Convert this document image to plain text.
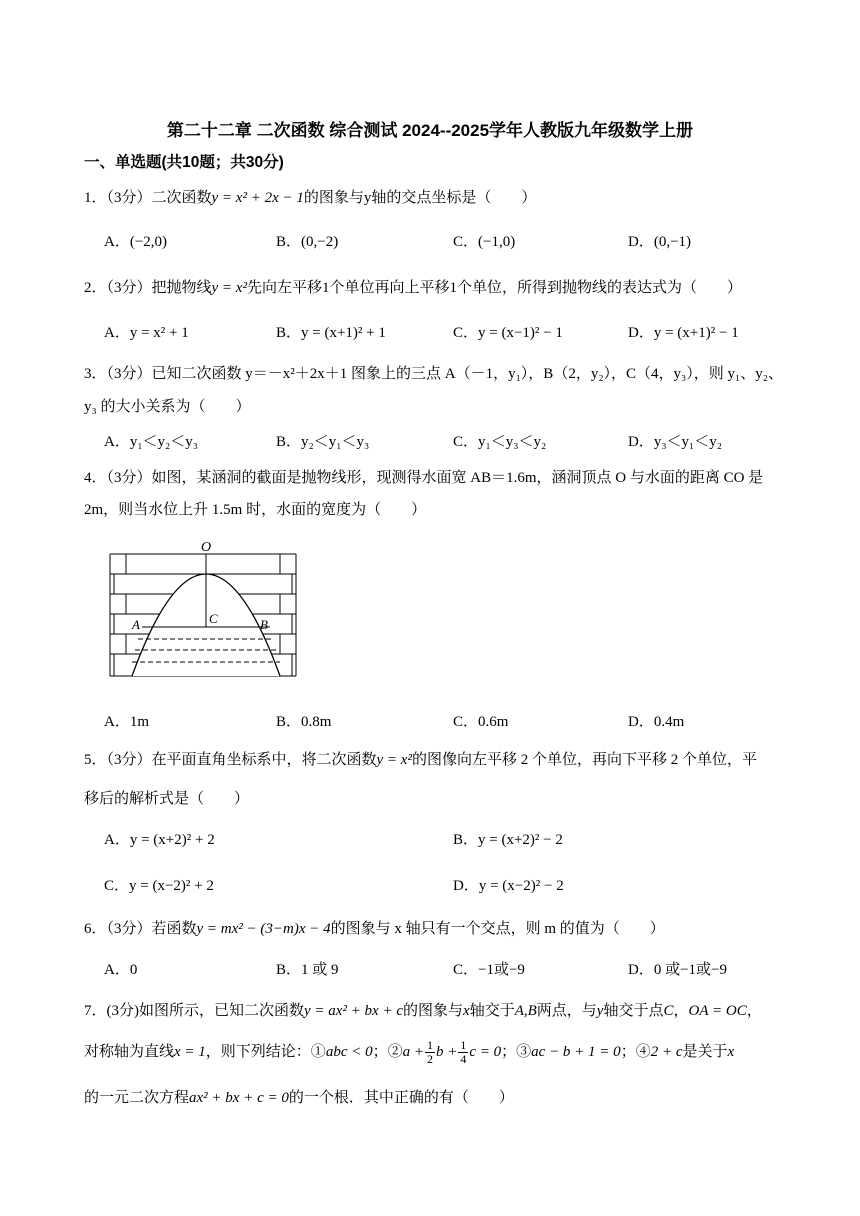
第二十二章 二次函数 综合测试 2024--2025学年人教版九年级数学上册
一、单选题(共10题；共30分)
1．（3分）二次函数y = x² + 2x − 1的图象与y轴的交点坐标是（　　）
A．(−2,0)	B．(0,−2)	C．(−1,0)	D．(0,−1)
2．（3分）把抛物线y = x²先向左平移1个单位再向上平移1个单位，所得到抛物线的表达式为（　　）
A．y = x² + 1	B．y = (x+1)² + 1	C．y = (x−1)² − 1	D．y = (x+1)² − 1
3．（3分）已知二次函数 y＝－x²＋2x＋1 图象上的三点 A（－1，y₁），B（2，y₂），C（4，y₃），则 y₁、y₂、
y₃ 的大小关系为（　　）
A．y₁＜y₂＜y₃	B．y₂＜y₁＜y₃	C．y₁＜y₃＜y₂	D．y₃＜y₁＜y₂
4．（3分）如图，某涵洞的截面是抛物线形，现测得水面宽 AB＝1.6m，涵洞顶点 O 与水面的距离 CO 是
2m，则当水位上升 1.5m 时，水面的宽度为（　　）
O
C
A	B
A．1m	B．0.8m	C．0.6m	D．0.4m
5．（3分）在平面直角坐标系中，将二次函数y = x²的图像向左平移 2 个单位，再向下平移 2 个单位，平
移后的解析式是（　　）
A．y = (x+2)² + 2	B．y = (x+2)² − 2
C．y = (x−2)² + 2	D．y = (x−2)² − 2
6．（3分）若函数y = mx² − (3−m)x − 4的图象与 x 轴只有一个交点，则 m 的值为（　　）
A．0	B．1 或 9	C．−1或−9	D．0 或−1或−9
7．(3分)如图所示，已知二次函数y = ax² + bx + c的图象与x轴交于A,B两点，与y轴交于点C，OA = OC，
对称轴为直线x = 1，则下列结论：①abc < 0；②a + $\frac{1}{2}$ $b + \frac{1}{4}$ c = 0；③ac − b + 1 = 0；④2 + c是关于x
的一元二次方程ax² + bx + c = 0的一个根．其中正确的有（　　）
